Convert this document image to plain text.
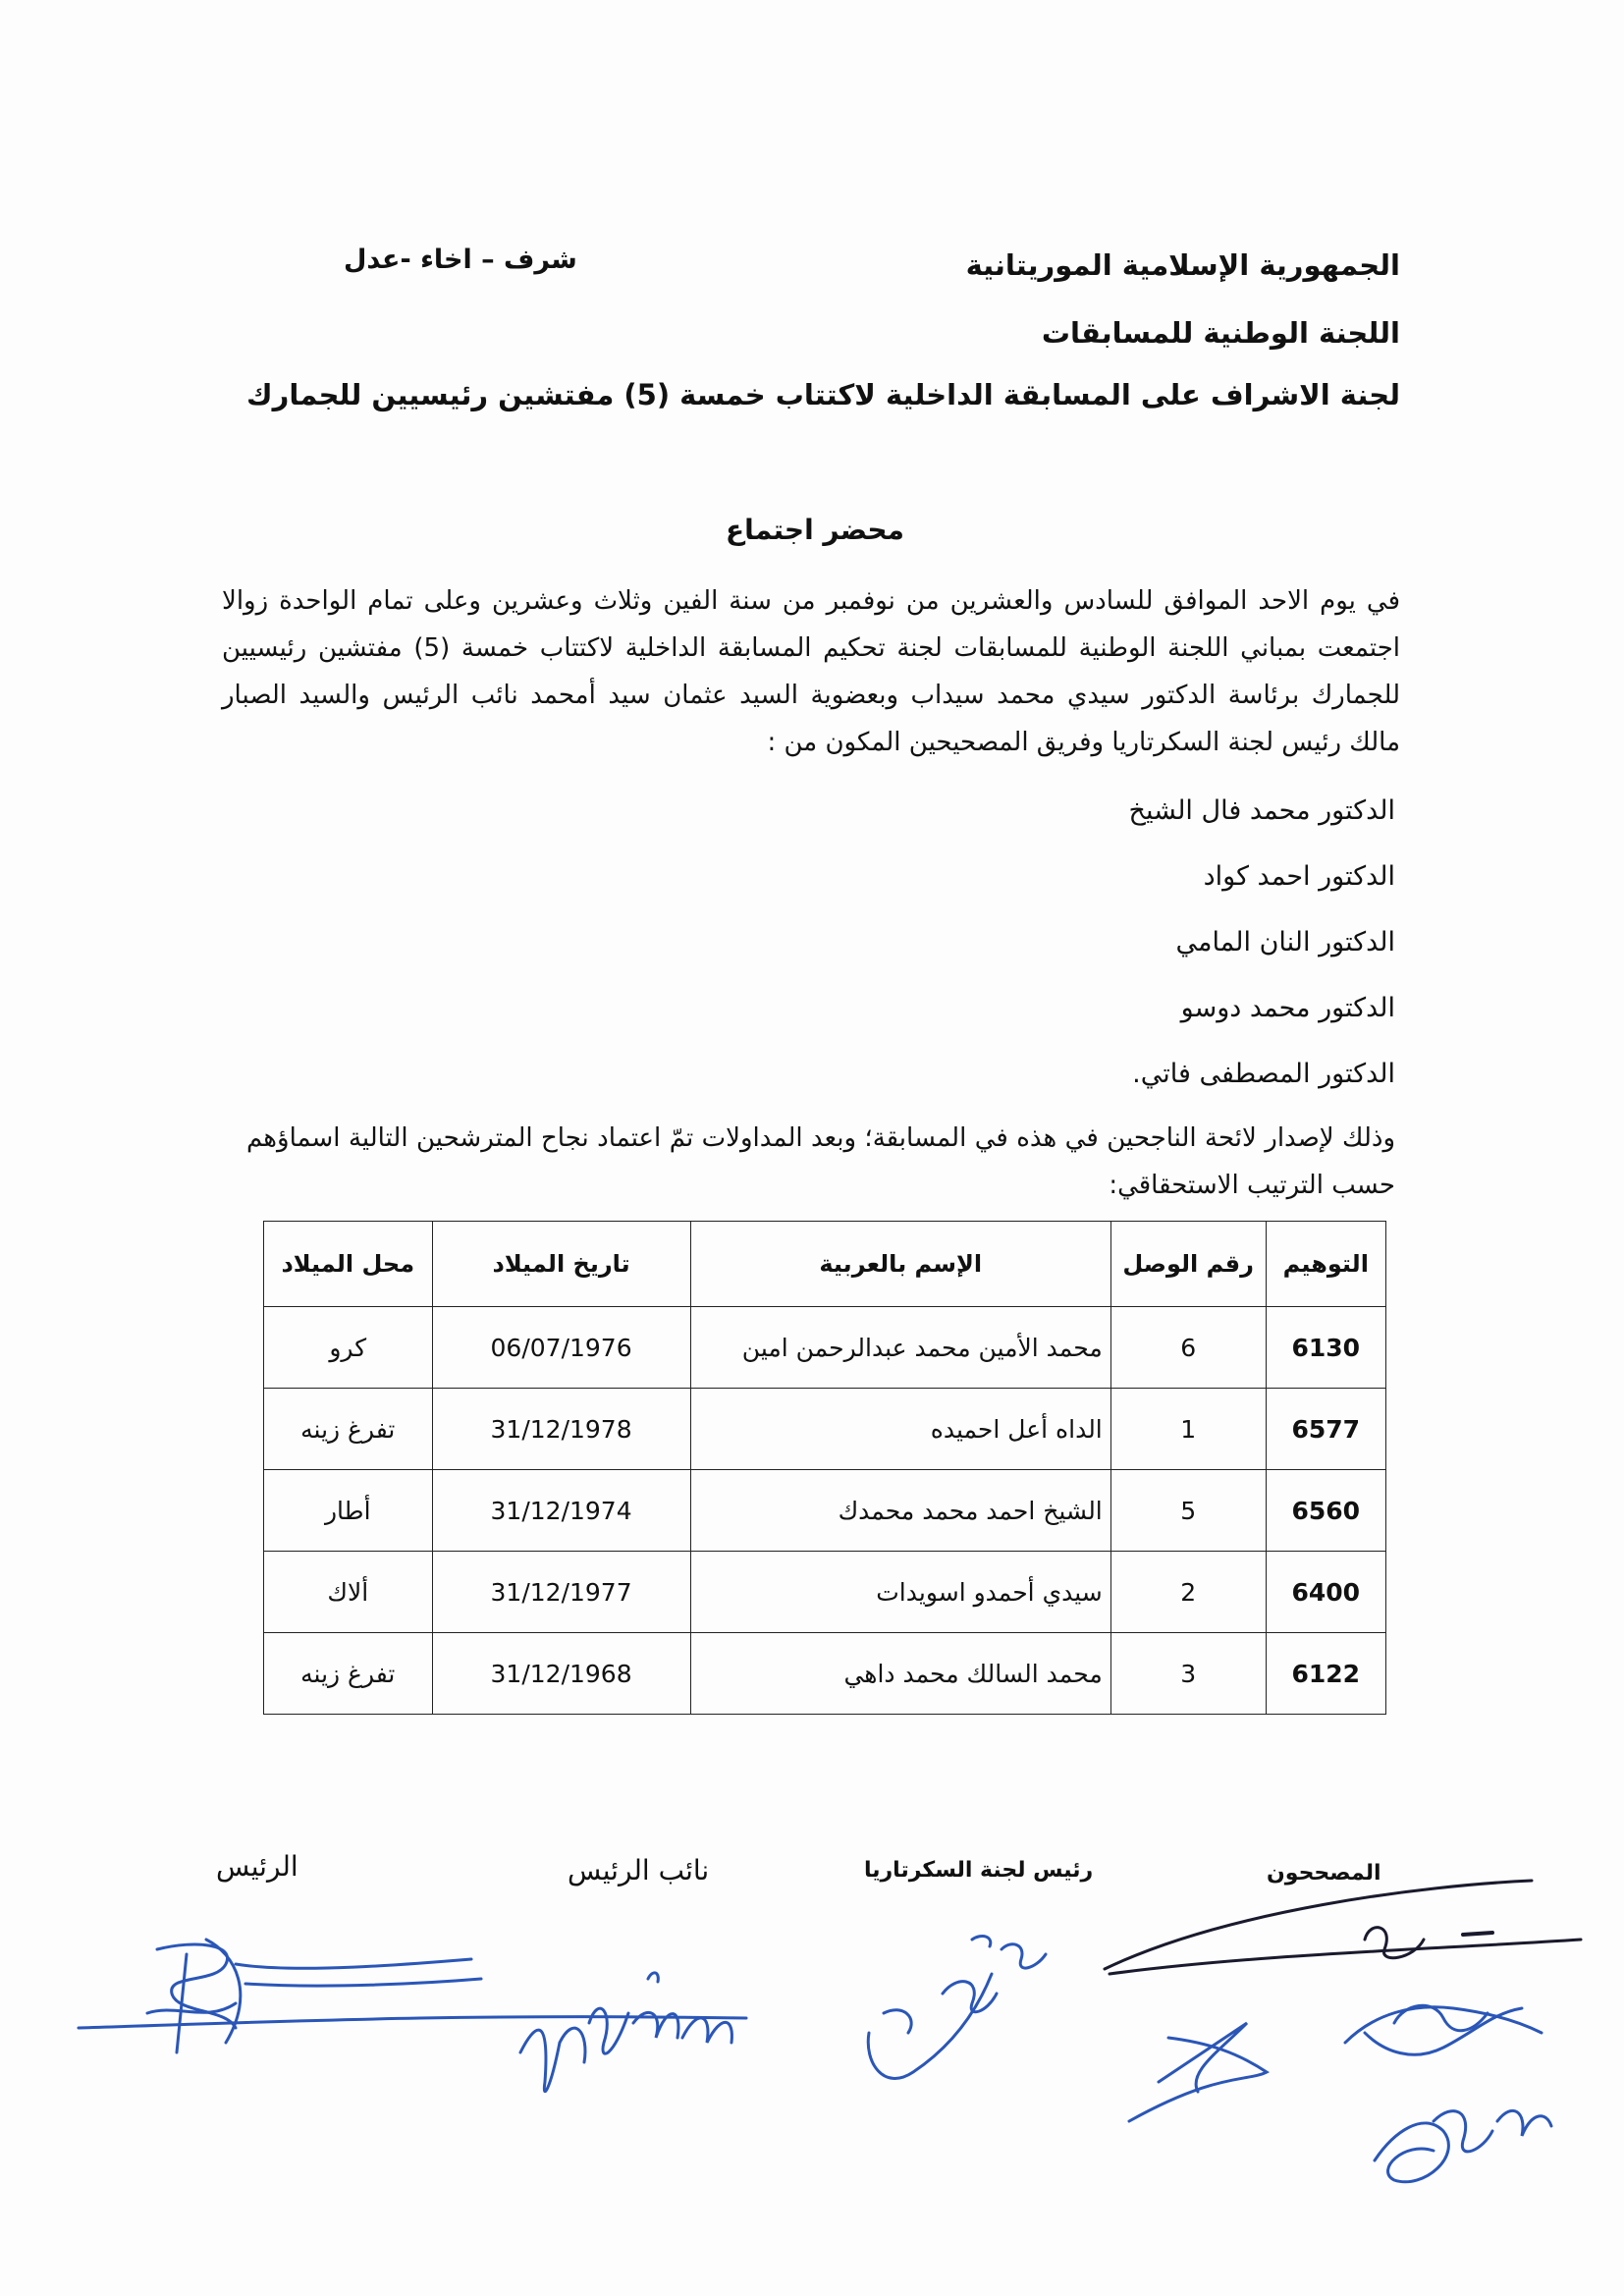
الجمهورية الإسلامية الموريتانية
شرف – اخاء -عدل
اللجنة الوطنية للمسابقات
لجنة الاشراف على المسابقة الداخلية لاكتتاب خمسة (5) مفتشين رئيسيين للجمارك
محضر اجتماع
في يوم الاحد الموافق للسادس والعشرين من نوفمبر من سنة الفين وثلاث وعشرين وعلى تمام الواحدة زوالا اجتمعت بمباني اللجنة الوطنية للمسابقات لجنة تحكيم المسابقة الداخلية لاكتتاب خمسة (5) مفتشين رئيسيين للجمارك برئاسة الدكتور سيدي محمد سيداب وبعضوية السيد عثمان سيد أمحمد نائب الرئيس والسيد الصبار مالك رئيس لجنة السكرتاريا وفريق المصحيحين المكون من :
الدكتور محمد فال الشيخ
الدكتور احمد كواد
الدكتور النان المامي
الدكتور محمد دوسو
الدكتور المصطفى فاتي.
وذلك لإصدار لائحة الناجحين في هذه في المسابقة؛ وبعد المداولات تمّ اعتماد نجاح المترشحين التالية اسماؤهم حسب الترتيب الاستحقاقي:
التوهيم	رقم الوصل	الإسم بالعربية	تاريخ الميلاد	محل الميلاد
6130	6	محمد الأمين محمد عبدالرحمن امين	06/07/1976	كرو
6577	1	الداه أعل احميده	31/12/1978	تفرغ زينه
6560	5	الشيخ احمد محمد محمدك	31/12/1974	أطار
6400	2	سيدي أحمدو اسويدات	31/12/1977	ألاك
6122	3	محمد السالك محمد داهي	31/12/1968	تفرغ زينه
المصححون
رئيس لجنة السكرتاريا
نائب الرئيس
الرئيس
